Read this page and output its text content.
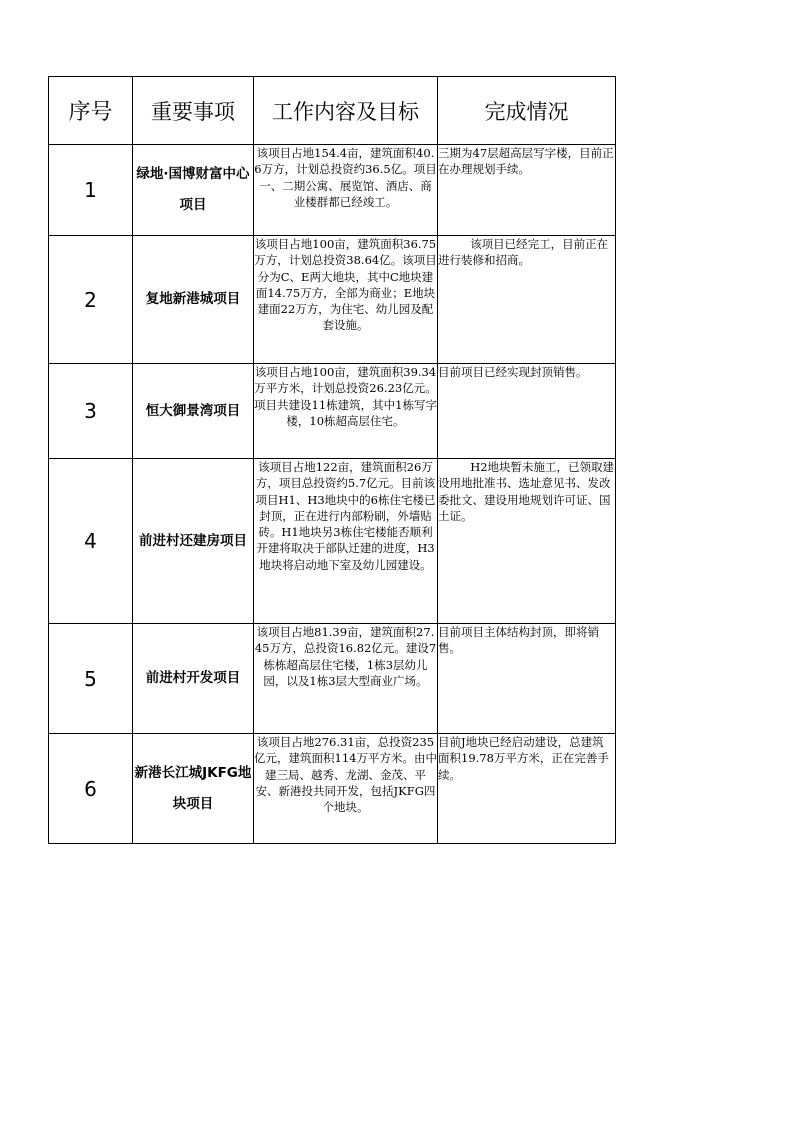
序号	重要事项	工作内容及目标	完成情况
1	绿地·国博财富中心项目	该项目占地154.4亩，建筑面积40.6万方，计划总投资约36.5亿。项目一、二期公寓、展览馆、酒店、商业楼群都已经竣工。	三期为47层超高层写字楼，目前正在办理规划手续。
2	复地新港城项目	该项目占地100亩，建筑面积36.75万方，计划总投资38.64亿。该项目分为C、E两大地块，其中C地块建面14.75万方，全部为商业；E地块建面22万方，为住宅、幼儿园及配套设施。	该项目已经完工，目前正在进行装修和招商。
3	恒大御景湾项目	该项目占地100亩，建筑面积39.34万平方米，计划总投资26.23亿元。项目共建设11栋建筑，其中1栋写字楼，10栋超高层住宅。	目前项目已经实现封顶销售。
4	前进村还建房项目	该项目占地122亩，建筑面积26万方，项目总投资约5.7亿元。目前该项目H1、H3地块中的6栋住宅楼已封顶，正在进行内部粉刷，外墙贴砖。H1地块另3栋住宅楼能否顺利开建将取决于部队迁建的进度，H3地块将启动地下室及幼儿园建设。	H2地块暂未施工，已领取建设用地批准书、选址意见书、发改委批文、建设用地规划许可证、国土证。
5	前进村开发项目	该项目占地81.39亩，建筑面积27.45万方，总投资16.82亿元。建设7栋栋超高层住宅楼，1栋3层幼儿园，以及1栋3层大型商业广场。	目前项目主体结构封顶，即将销售。
6	新港长江城JKFG地块项目	该项目占地276.31亩，总投资235亿元，建筑面积114万平方米。由中建三局、越秀、龙湖、金茂、平安、新港投共同开发，包括JKFG四个地块。	目前J地块已经启动建设，总建筑面积19.78万平方米，正在完善手续。
